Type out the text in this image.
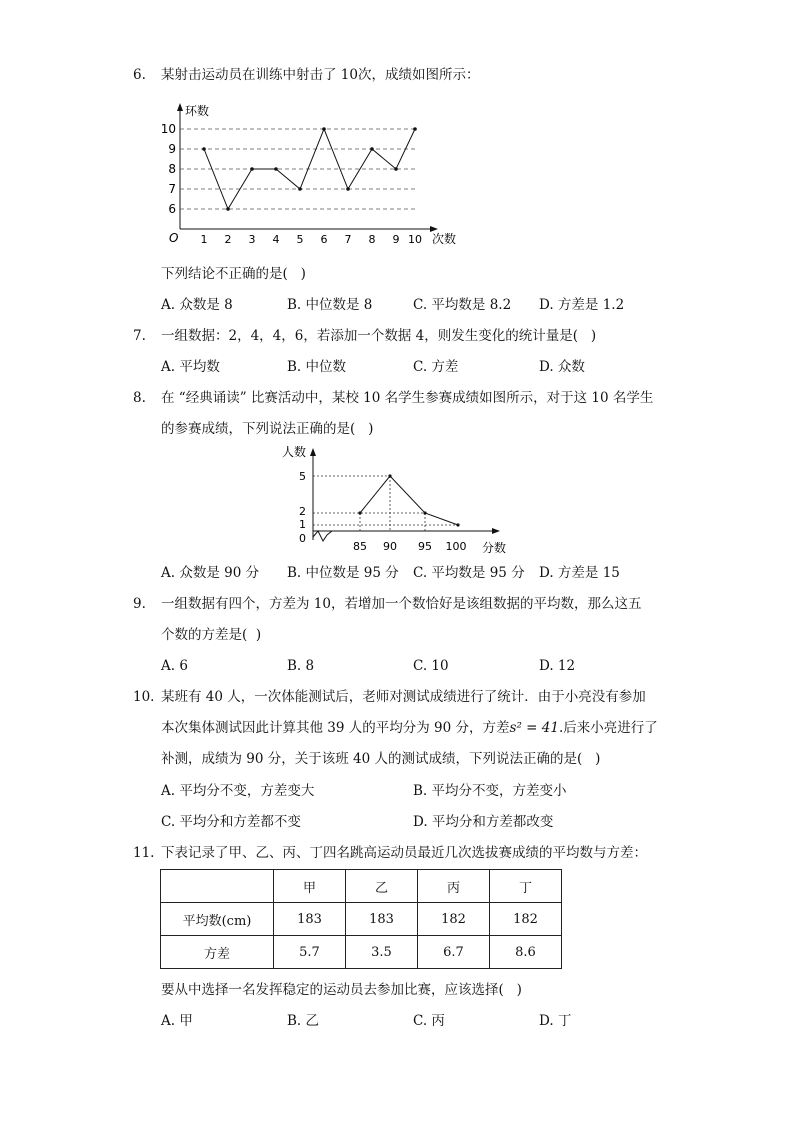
6.	某射击运动员在训练中射击了 10次，成绩如图所示：
10
9
8
7
6
环数
O 1 2 3 4 5 6 7 8 9 10 次数
下列结论不正确的是(   )
A. 众数是 8	B. 中位数是 8	C. 平均数是 8.2 D. 方差是 1.2
7.	一组数据：2，4，4，6，若添加一个数据 4，则发生变化的统计量是(   )
A. 平均数	B. 中位数	C. 方差	D. 众数
8.	在 “经典诵读” 比赛活动中，某校 10 名学生参赛成绩如图所示，对于这 10 名学生
的参赛成绩，下列说法正确的是(   )
人数
5
2
1
0
85 90 95 100 分数
A. 众数是 90 分 B. 中位数是 95 分 C. 平均数是 95 分 D. 方差是 15
9.	一组数据有四个，方差为 10，若增加一个数恰好是该组数据的平均数，那么这五
个数的方差是(  )
A. 6	B. 8	C. 10	D. 12
10. 某班有 40 人，一次体能测试后，老师对测试成绩进行了统计．由于小亮没有参加
本次集体测试因此计算其他 39 人的平均分为 90 分，方差s² = 41.后来小亮进行了
补测，成绩为 90 分，关于该班 40 人的测试成绩，下列说法正确的是(   )
A. 平均分不变，方差变大	B. 平均分不变，方差变小
C. 平均分和方差都不变	D. 平均分和方差都改变
11. 下表记录了甲、乙、丙、丁四名跳高运动员最近几次选拔赛成绩的平均数与方差：
	甲	乙	丙	丁
平均数(cm)	183	183	182	182
方差	5.7	3.5	6.7	8.6
要从中选择一名发挥稳定的运动员去参加比赛，应该选择(   )
A. 甲	B. 乙	C. 丙	D. 丁
